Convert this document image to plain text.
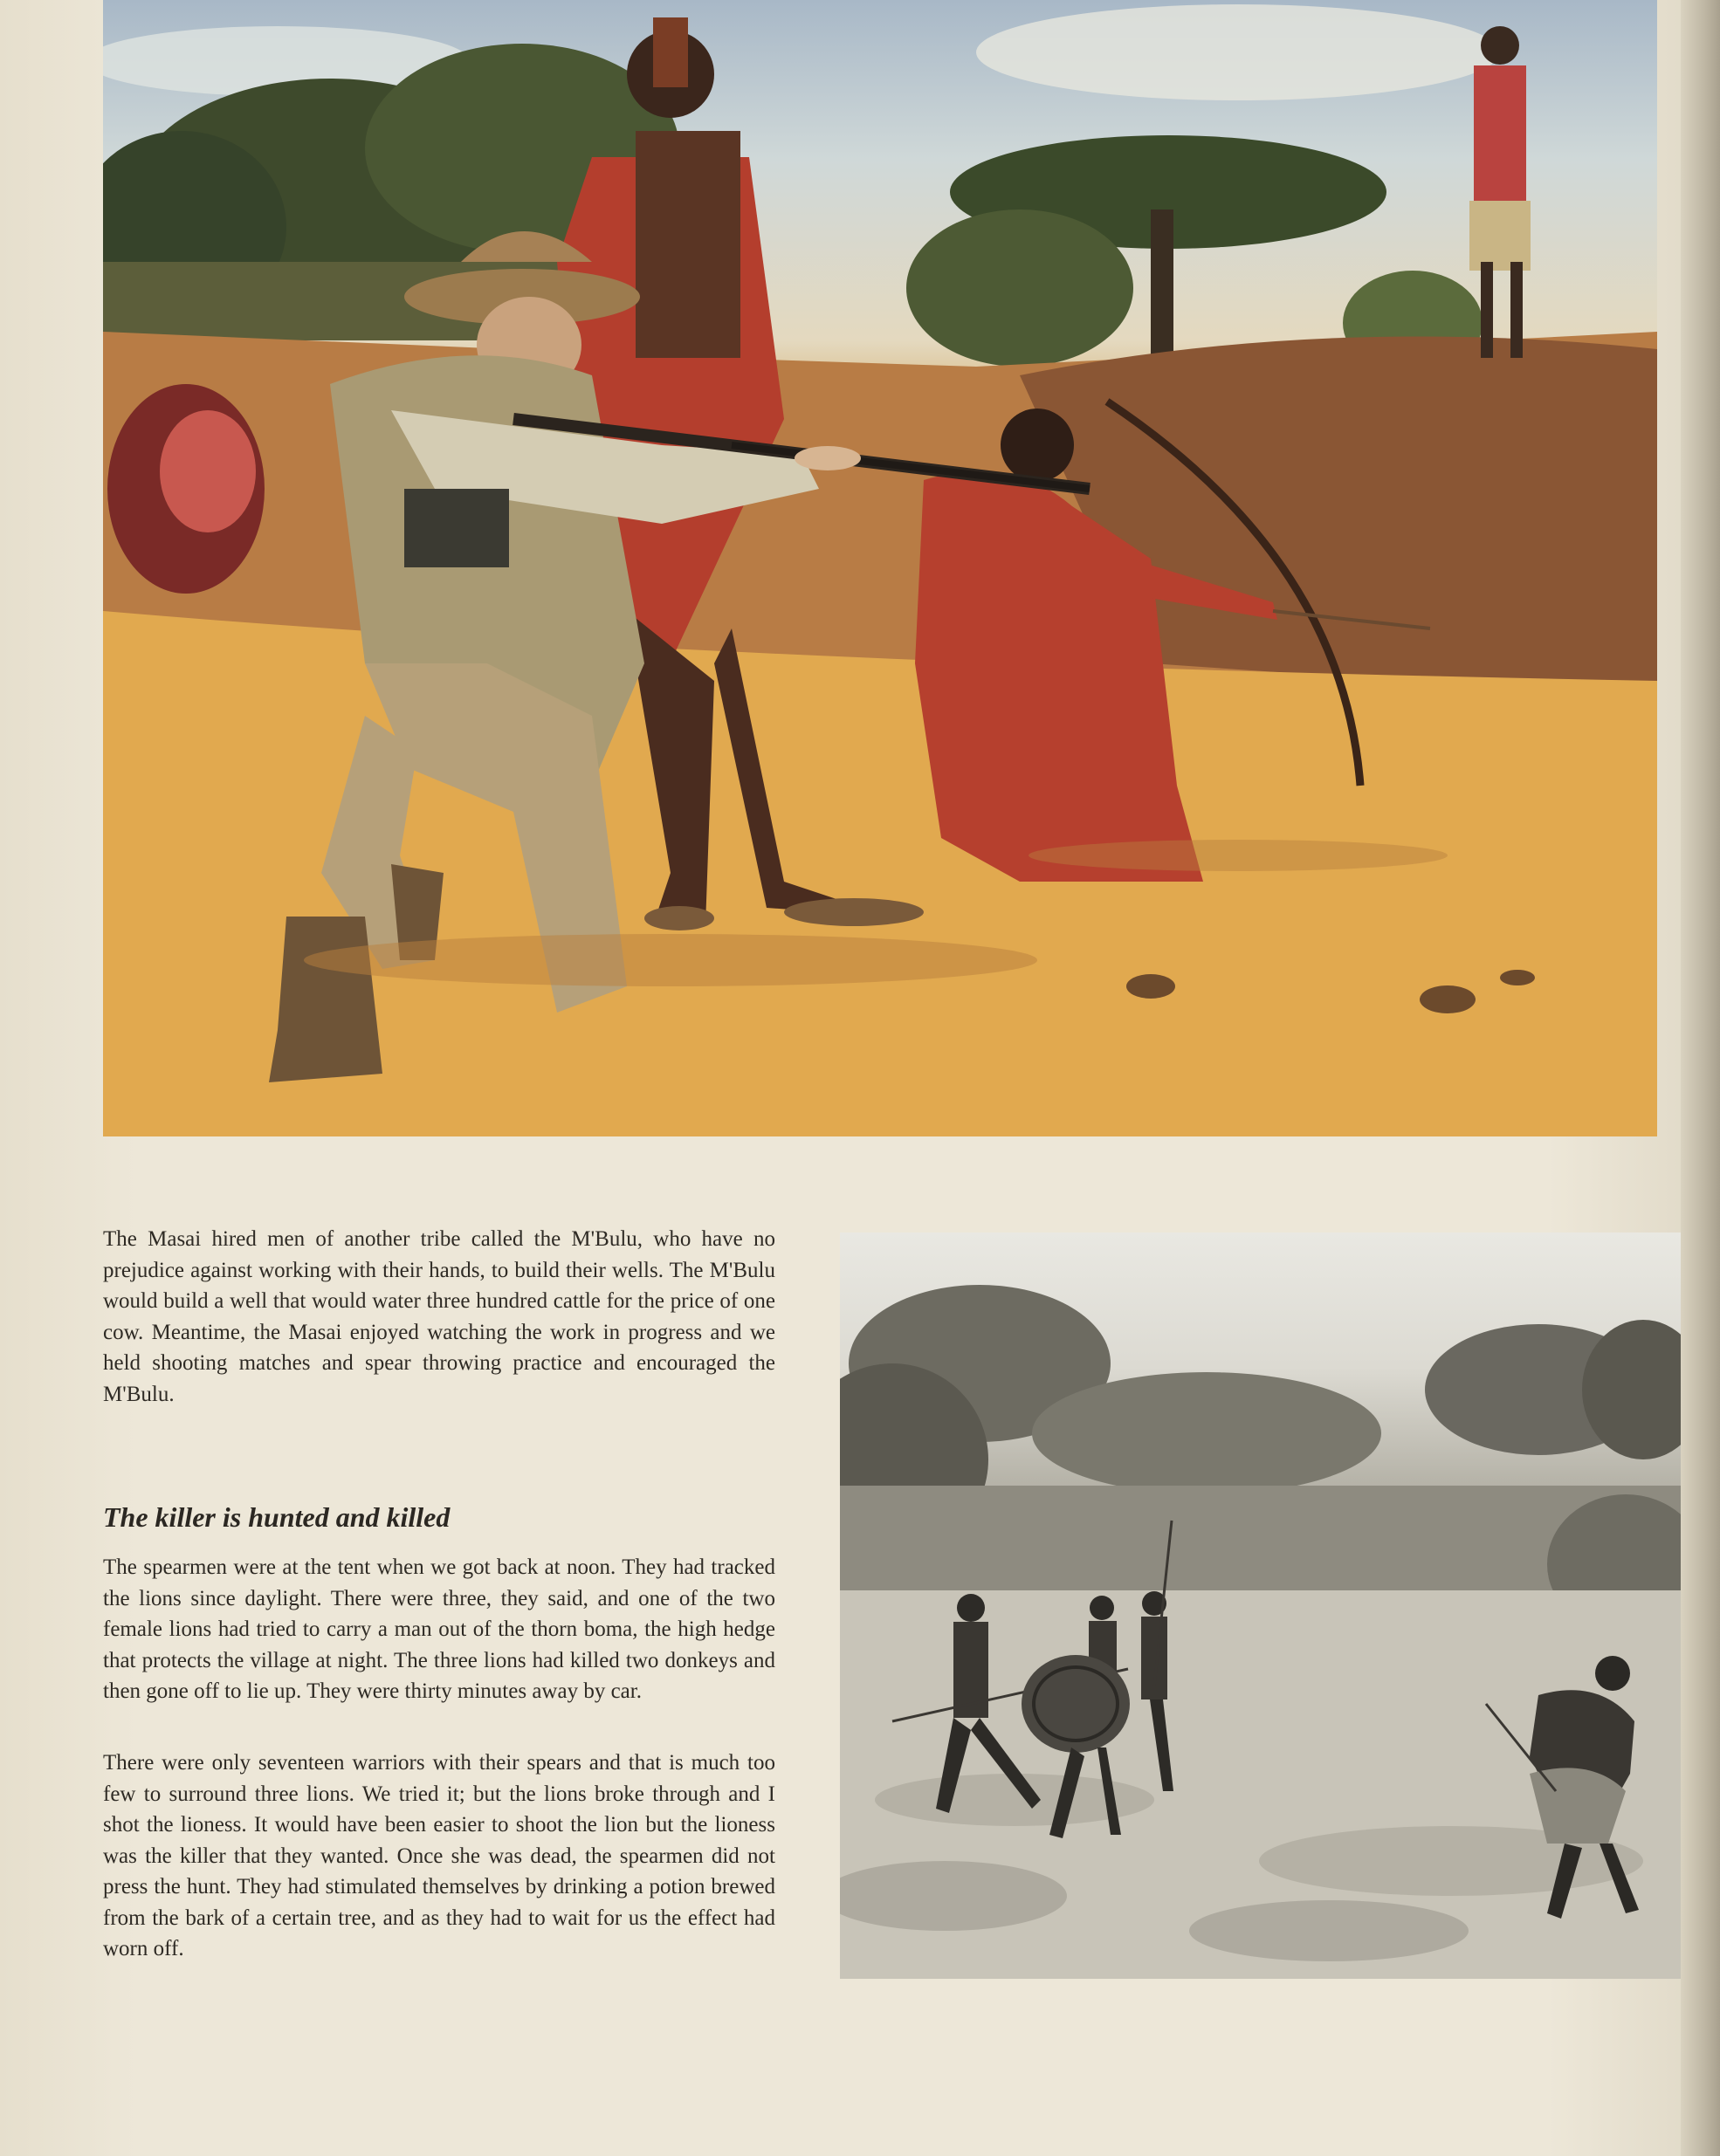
The Masai hired men of another tribe called the M'Bulu, who have no prejudice against working with their hands, to build their wells. The M'Bulu would build a well that would water three hundred cattle for the price of one cow. Meantime, the Masai enjoyed watching the work in progress and we held shooting matches and spear throwing practice and encouraged the M'Bulu.

The killer is hunted and killed

The spearmen were at the tent when we got back at noon. They had tracked the lions since daylight. There were three, they said, and one of the two female lions had tried to carry a man out of the thorn boma, the high hedge that protects the village at night. The three lions had killed two donkeys and then gone off to lie up. They were thirty minutes away by car.

There were only seventeen warriors with their spears and that is much too few to surround three lions. We tried it; but the lions broke through and I shot the lioness. It would have been easier to shoot the lion but the lioness was the killer that they wanted. Once she was dead, the spearmen did not press the hunt. They had stimulated themselves by drinking a potion brewed from the bark of a certain tree, and as they had to wait for us the effect had worn off.
